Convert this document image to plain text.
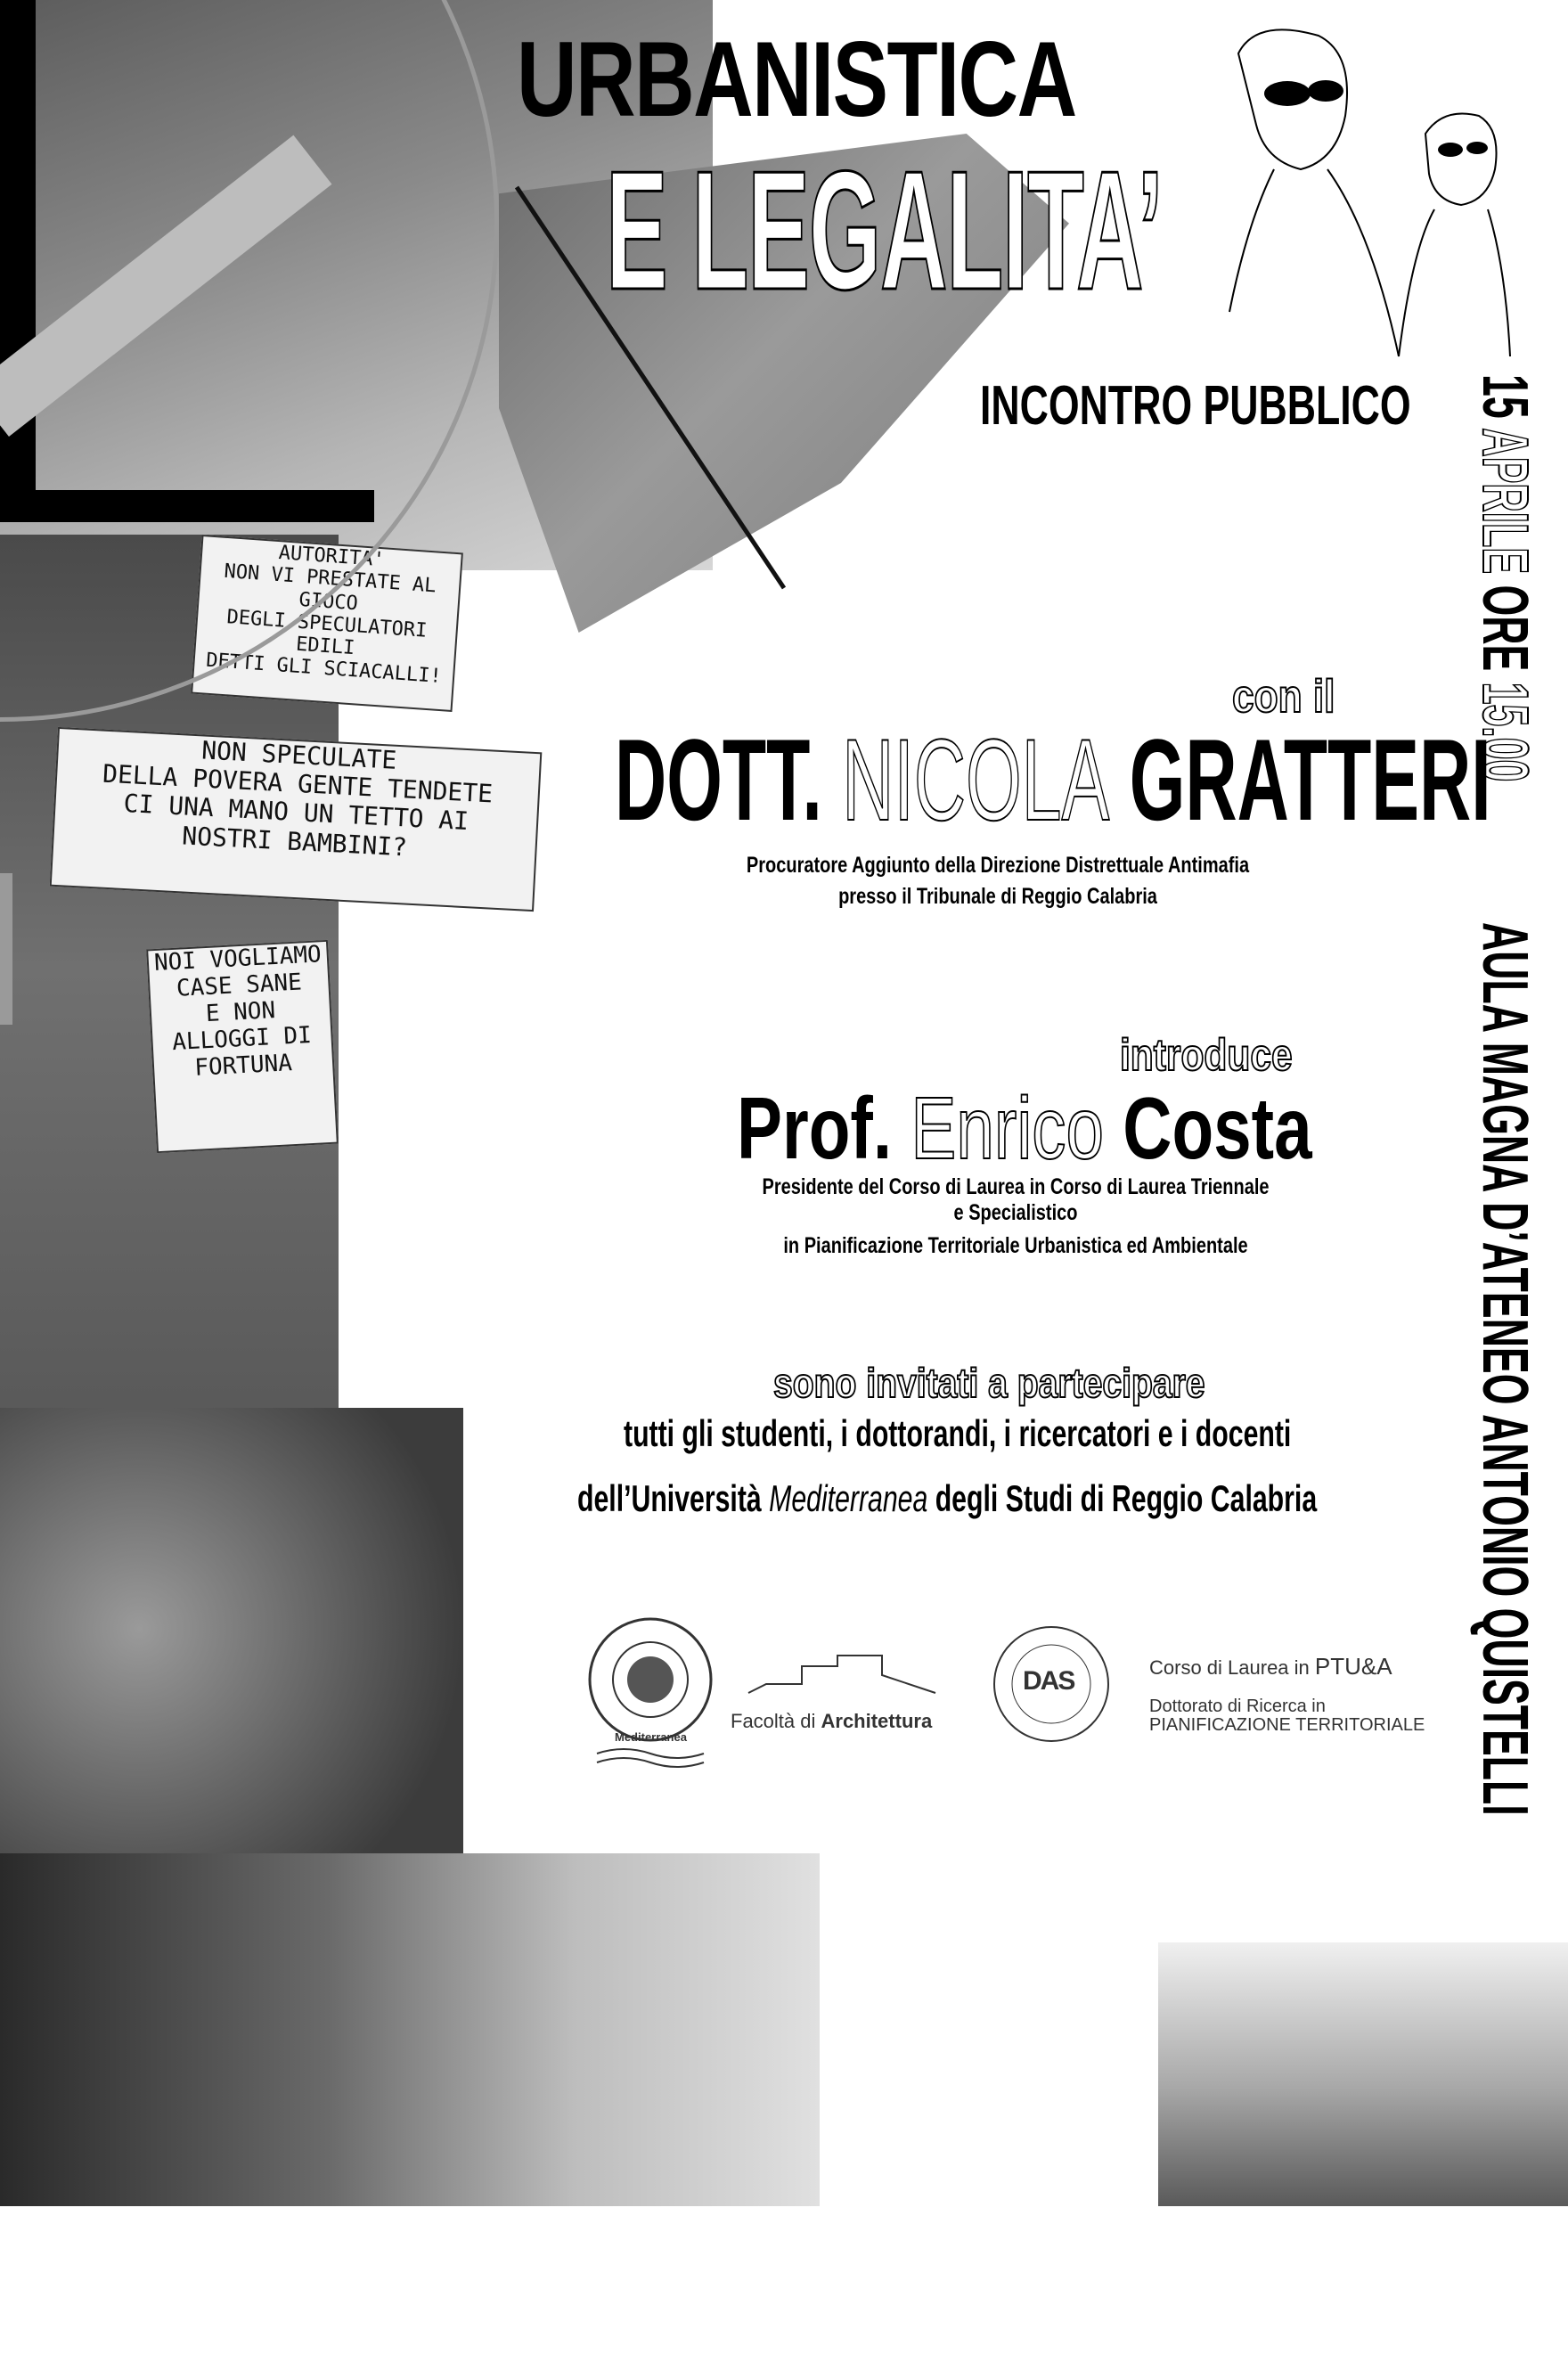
AUTORITA'
NON VI PRESTATE AL GIOCO
DEGLI SPECULATORI EDILI
DETTI GLI SCIACALLI!
NON SPECULATE
DELLA POVERA GENTE TENDETE
CI UNA MANO UN TETTO AI
NOSTRI BAMBINI?
NOI VOGLIAMO
CASE SANE
E NON
ALLOGGI DI
FORTUNA
URBANISTICA
E LEGALITA’
INCONTRO PUBBLICO 15 APRILE ORE 15.00
AULA MAGNA D’ATENEO ANTONIO QUISTELLI
con il
DOTT. NICOLA GRATTERI
Procuratore Aggiunto della Direzione Distrettuale Antimafia
presso il Tribunale di Reggio Calabria
introduce
Prof. Enrico Costa
Presidente del Corso di Laurea in Corso di Laurea Triennale e Specialistico
in Pianificazione Territoriale Urbanistica ed Ambientale
sono invitati a partecipare
tutti gli studenti, i dottorandi, i ricercatori e i docenti
dell’Università Mediterranea degli Studi di Reggio Calabria
Mediterranea
Facoltà di Architettura
DAS	Corso di Laurea in PTU&A
Dottorato di Ricerca in
PIANIFICAZIONE TERRITORIALE
